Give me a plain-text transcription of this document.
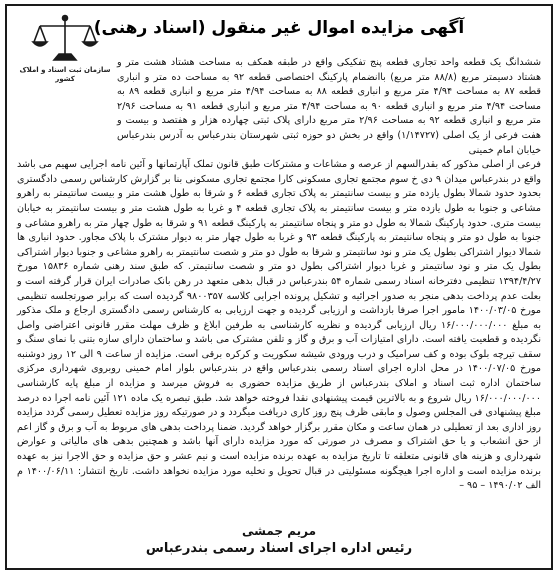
آگهی مزایده اموال غیر منقول (اسناد رهنی)
سازمان ثبت اسناد و املاک کشور
ششدانگ یک قطعه واحد تجاری قطعه پنج تفکیکی واقع در طبقه همکف به مساحت هشتاد هشت متر و هشتاد دسیمتر مربع (۸۸/۸ متر مربع) باانضمام پارکینگ اختصاصی قطعه ۹۲ به مساحت ده متر و انباری قطعه ۸۷ به مساحت ۴/۹۴ متر مربع و انباری قطعه ۸۸ به مساحت ۴/۹۴ متر مربع و انباری قطعه ۸۹ به مساحت ۴/۹۴ متر مربع و انباری قطعه ۹۰ به مساحت ۴/۹۴ متر مربع و انباری قطعه ۹۱ به مساحت ۲/۹۶ متر مربع و انباری قطعه ۹۲ به مساحت ۲/۹۶ متر مربع دارای پلاک ثبتی چهارده هزار و هفتصد و بیست و هفت فرعی از یک اصلی (۱/۱۴۷۲۷) واقع در بخش دو حوزه ثبتی شهرستان بندرعباس به آدرس بندرعباس خیابان امام خمینی
فرعی از اصلی مذکور که بقدرالسهم از عرصه و مشاعات و مشترکات طبق قانون تملک آپارتمانها و آئین نامه اجرایی سهیم می باشد واقع در بندرعباس میدان ۹ دی خ سوم مجتمع تجاری مسکونی کارا مجتمع تجاری مسکونی بنا بر گزارش کارشناس رسمی دادگستری بحدود حدود شمالا بطول یازده متر و بیست سانتیمتر به پلاک تجاری قطعه ۶ و شرقا به طول هشت متر و بیست سانتیمتر به راهرو مشاعی و جنوبا به طول یازده متر و بیست سانتیمتر به پلاک تجاری قطعه ۴ و غربا به طول هشت متر و بیست سانتیمتر به خیابان بیست متری. حدود پارکینگ شمالا به طول دو متر و پنجاه سانتیمتر به پارکینگ قطعه ۹۱ و شرقا به طول چهار متر به راهرو مشاعی و جنوبا به طول دو متر و پنجاه سانتیمتر به پارکینگ قطعه ۹۳ و غربا به طول چهار متر به دیوار مشترک با پلاک مجاور. حدود انباری ها شمالا دیوار اشتراکی بطول یک متر و نود سانتیمتر و شرقا به طول دو متر و شصت سانتیمتر به راهرو مشاعی و جنوبا دیوار اشتراکی بطول یک متر و نود سانتیمتر و غربا دیوار اشتراکی بطول دو متر و شصت سانتیمتر. که طبق سند رهنی شماره ۱۵۸۳۶ مورخ ۱۳۹۴/۴/۲۷ تنظیمی دفترخانه اسناد رسمی شماره ۵۴ بندرعباس در قبال بدهی متعهد در رهن بانک صادرات ایران قرار گرفته است و بعلت عدم پرداخت بدهی منجر به صدور اجرائیه و تشکیل پرونده اجرایی کلاسه ۹۸۰۰۳۵۷ گردیده است که برابر صورتجلسه تنظیمی مورخ ۱۴۰۰/۰۳/۰۵ مامور اجرا صرفا بازداشت و ارزیابی گردیده و جهت ارزیابی به کارشناس رسمی دادگستری ارجاع و ملک مذکور به مبلغ ۱۶/۰۰۰/۰۰۰/۰۰۰ ریال ارزیابی گردیده و نظریه کارشناسی به طرفین ابلاغ و ظرف مهلت مقرر قانونی اعتراضی واصل نگردیده و قطعیت یافته است. دارای امتیازات آب و برق و گاز و تلفن مشترک می باشد و ساختمان دارای سازه بتنی با نمای سنگ و سقف تیرچه بلوک بوده و کف سرامیک و درب ورودی شیشه سکوریت و کرکره برقی است. مزایده از ساعت ۹ الی ۱۲ روز دوشنبه مورخ ۱۴۰۰/۰۷/۰۵ در محل اداره اجرای اسناد رسمی بندرعباس واقع در بندرعباس بلوار امام خمینی روبروی شهرداری مرکزی ساختمان اداره ثبت اسناد و املاک بندرعباس از طریق مزایده حضوری به فروش میرسد و مزایده از مبلغ پایه کارشناسی ۱۶/۰۰۰/۰۰۰/۰۰۰ ریال شروع و به بالاترین قیمت پیشنهادی نقدا فروخته خواهد شد. طبق تبصره یک ماده ۱۲۱ آئین نامه اجرا ده درصد مبلغ پیشنهادی فی المجلس وصول و مابقی ظرف پنج روز کاری دریافت میگردد و در صورتیکه روز مزایده تعطیل رسمی گردد مزایده روز اداری بعد از تعطیلی در همان ساعت و مکان مقرر برگزار خواهد گردید. ضمنا پرداخت بدهی های مربوط به آب و برق و گاز اعم از حق انشعاب و یا حق اشتراک و مصرف در صورتی که مورد مزایده دارای آنها باشد و همچنین بدهی های مالیاتی و عوارض شهرداری و هزینه های قانونی متعلقه تا تاریخ مزایده به عهده برنده مزایده است و نیم عشر و حق مزایده و حق الاجرا نیز به عهده برنده مزایده است و اداره اجرا هیچگونه مسئولیتی در قبال تحویل و تخلیه مورد مزایده نخواهد داشت. تاریخ انتشار: ۱۴۰۰/۰۶/۱۱ م الف ۱۴۹۰/۰۲ – ۹۵ –
مریم جمشی
رئیس اداره اجرای اسناد رسمی بندرعباس
